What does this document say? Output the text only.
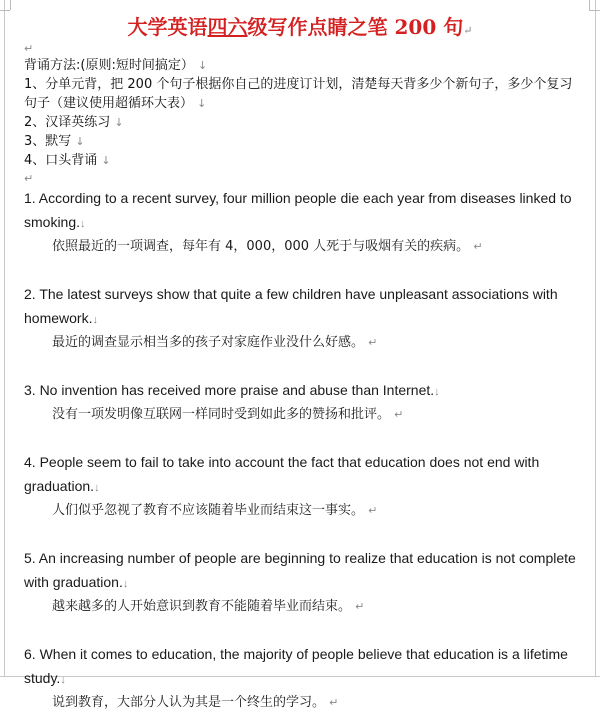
大学英语四六级写作点睛之笔 200 句↵
↵
背诵方法:(原则:短时间搞定） ↓
1、分单元背，把 200 个句子根据你自己的进度订计划，清楚每天背多少个新句子，多少个复习句子（建议使用超循环大表） ↓
2、汉译英练习 ↓
3、默写 ↓
4、口头背诵 ↓
↵
1. According to a recent survey, four million people die each year from diseases linked to smoking.↓
依照最近的一项调查，每年有 4，000，000 人死于与吸烟有关的疾病。 ↵
2. The latest surveys show that quite a few children have unpleasant associations with homework.↓
最近的调查显示相当多的孩子对家庭作业没什么好感。 ↵
3. No invention has received more praise and abuse than Internet.↓
没有一项发明像互联网一样同时受到如此多的赞扬和批评。 ↵
4. People seem to fail to take into account the fact that education does not end with graduation.↓
人们似乎忽视了教育不应该随着毕业而结束这一事实。 ↵
5. An increasing number of people are beginning to realize that education is not complete with graduation.↓
越来越多的人开始意识到教育不能随着毕业而结束。 ↵
6. When it comes to education, the majority of people believe that education is a lifetime study.↓
说到教育，大部分人认为其是一个终生的学习。 ↵
